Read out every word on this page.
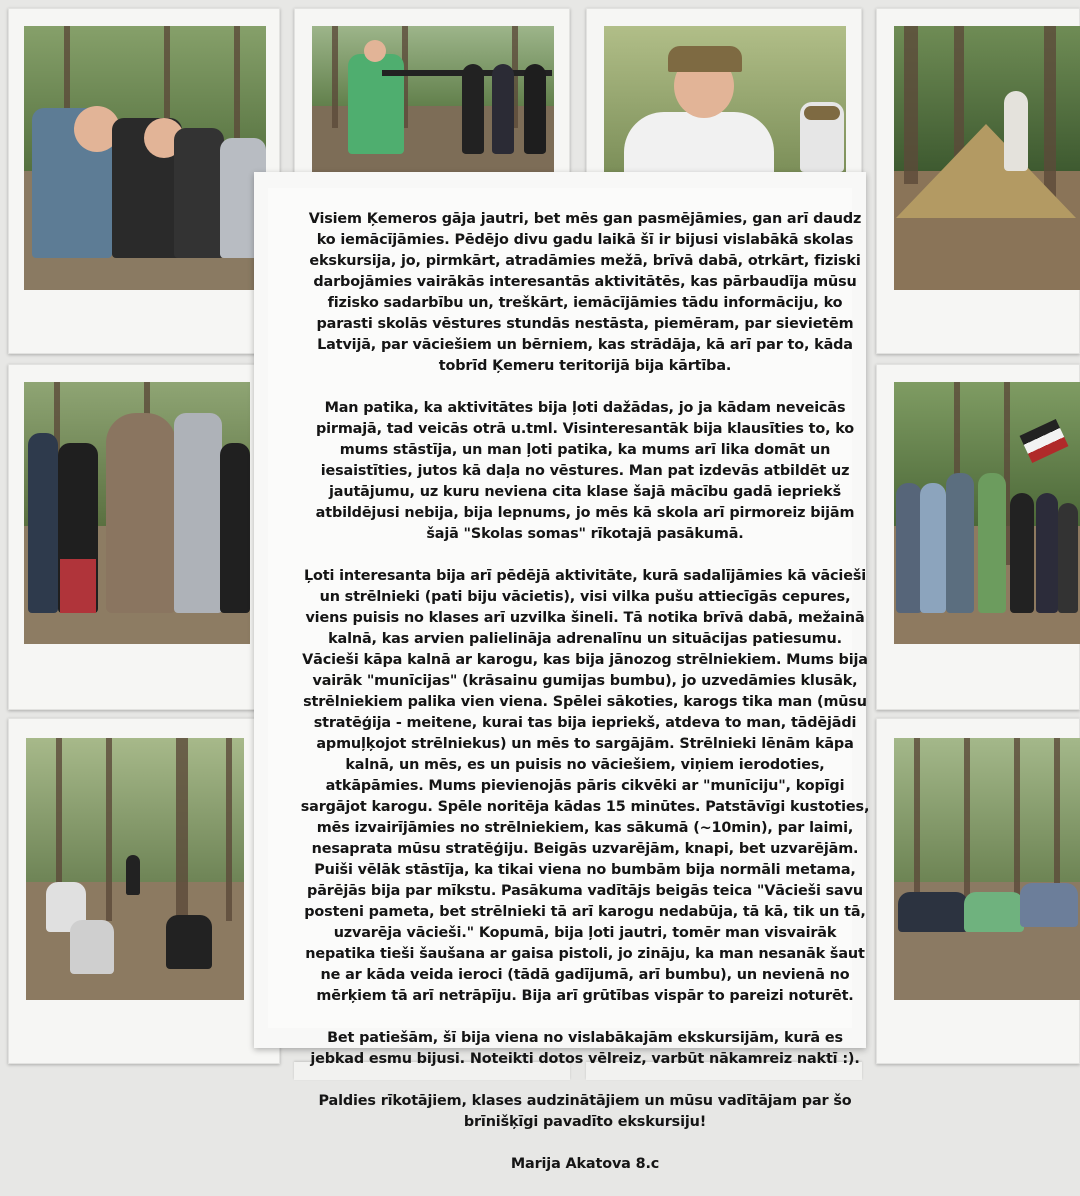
Visiem Ķemeros gāja jautri, bet mēs gan pasmējāmies, gan arī daudz ko iemācījāmies. Pēdējo divu gadu laikā šī ir bijusi vislabākā skolas ekskursija, jo, pirmkārt, atradāmies mežā, brīvā dabā, otrkārt, fiziski darbojāmies vairākās interesantās aktivitātēs, kas pārbaudīja mūsu fizisko sadarbību un, treškārt, iemācījāmies tādu informāciju, ko parasti skolās vēstures stundās nestāsta, piemēram, par sievietēm Latvijā, par vāciešiem un bērniem, kas strādāja, kā arī par to, kāda tobrīd Ķemeru teritorijā bija kārtība.

Man patika, ka aktivitātes bija ļoti dažādas, jo ja kādam neveicās pirmajā, tad veicās otrā u.tml. Visinteresantāk bija klausīties to, ko mums stāstīja, un man ļoti patika, ka mums arī lika domāt un iesaistīties, jutos kā daļa no vēstures. Man pat izdevās atbildēt uz jautājumu, uz kuru neviena cita klase šajā mācību gadā iepriekš atbildējusi nebija, bija lepnums, jo mēs kā skola arī pirmoreiz bijām šajā "Skolas somas" rīkotajā pasākumā.

Ļoti interesanta bija arī pēdējā aktivitāte, kurā sadalījāmies kā vācieši un strēlnieki (pati biju vācietis), visi vilka pušu attiecīgās cepures, viens puisis no klases arī uzvilka šineli. Tā notika brīvā dabā, mežainā kalnā, kas arvien palielināja adrenalīnu un situācijas patiesumu. Vācieši kāpa kalnā ar karogu, kas bija jānozog strēlniekiem. Mums bija vairāk "munīcijas" (krāsainu gumijas bumbu), jo uzvedāmies klusāk, strēlniekiem palika vien viena. Spēlei sākoties, karogs tika man (mūsu stratēģija - meitene, kurai tas bija iepriekš, atdeva to man, tādējādi apmuļķojot strēlniekus) un mēs to sargājām. Strēlnieki lēnām kāpa kalnā, un mēs, es un puisis no vāciešiem, viņiem ierodoties, atkāpāmies. Mums pievienojās pāris cikvēki ar "munīciju", kopīgi sargājot karogu. Spēle noritēja kādas 15 minūtes. Patstāvīgi kustoties, mēs izvairījāmies no strēlniekiem, kas sākumā (~10min), par laimi, nesaprata mūsu stratēģiju. Beigās uzvarējām, knapi, bet uzvarējām. Puiši vēlāk stāstīja, ka tikai viena no bumbām bija normāli metama, pārējās bija par mīkstu. Pasākuma vadītājs beigās teica "Vācieši savu posteni pameta, bet strēlnieki tā arī karogu nedabūja, tā kā, tik un tā, uzvarēja vācieši." Kopumā, bija ļoti jautri, tomēr man visvairāk nepatika tieši šaušana ar gaisa pistoli, jo zināju, ka man nesanāk šaut ne ar kāda veida ieroci (tādā gadījumā, arī bumbu), un nevienā no mērķiem tā arī netrāpīju. Bija arī grūtības vispār to pareizi noturēt.

Bet patiešām, šī bija viena no vislabākajām ekskursijām, kurā es jebkad esmu bijusi. Noteikti dotos vēlreiz, varbūt nākamreiz naktī :).

Paldies rīkotājiem, klases audzinātājiem un mūsu vadītājam par šo brīnišķīgi pavadīto ekskursiju!

Marija Akatova 8.c
